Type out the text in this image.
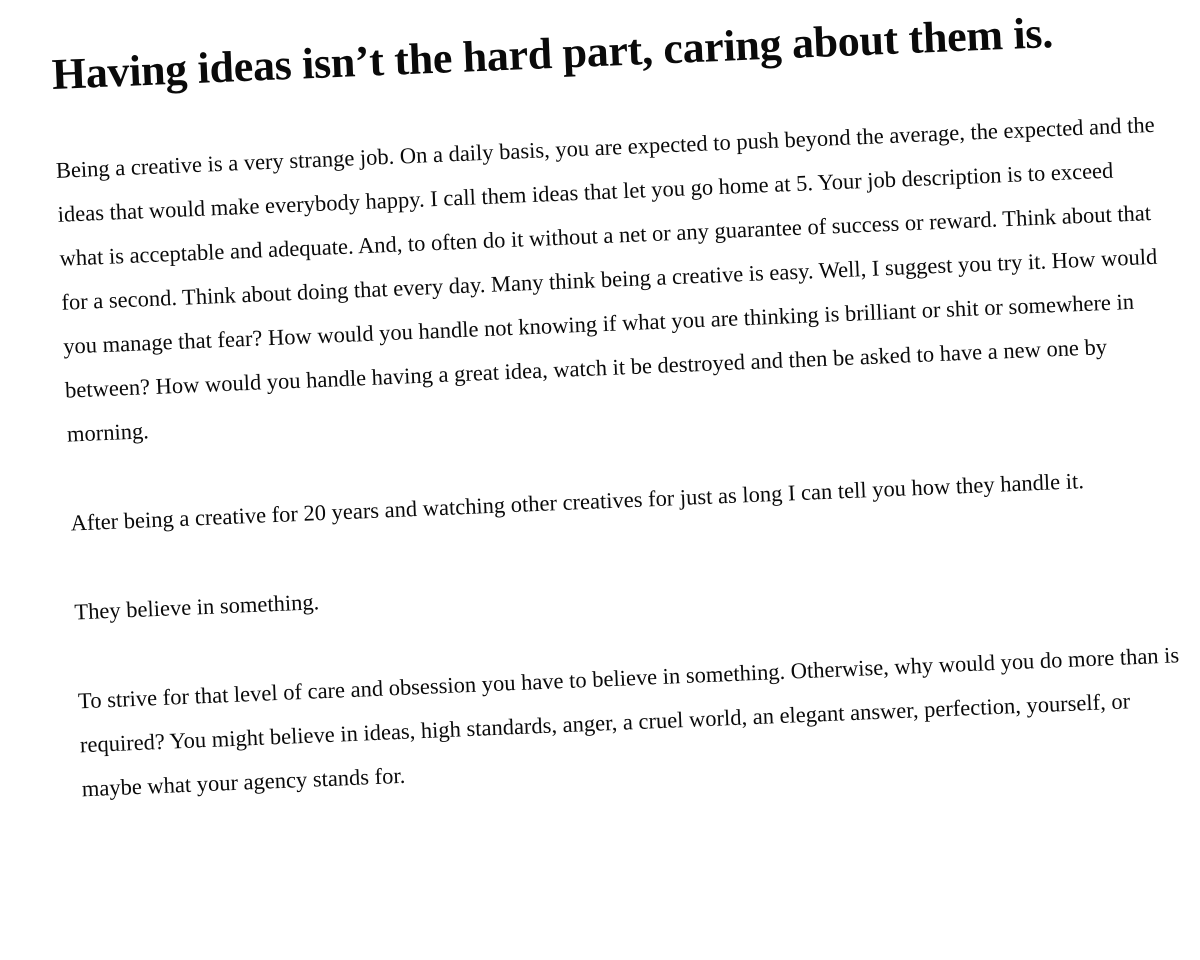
Having ideas isn’t the hard part, caring about them is.

Being a creative is a very strange job. On a daily basis, you are expected to push beyond the average, the expected and the ideas that would make everybody happy. I call them ideas that let you go home at 5. Your job description is to exceed what is acceptable and adequate. And, to often do it without a net or any guarantee of success or reward. Think about that for a second. Think about doing that every day. Many think being a creative is easy. Well, I suggest you try it. How would you manage that fear? How would you handle not knowing if what you are thinking is brilliant or shit or somewhere in between? How would you handle having a great idea, watch it be destroyed and then be asked to have a new one by morning.

After being a creative for 20 years and watching other creatives for just as long I can tell you how they handle it.

They believe in something.

To strive for that level of care and obsession you have to believe in something. Otherwise, why would you do more than is required? You might believe in ideas, high standards, anger, a cruel world, an elegant answer, perfection, yourself, or maybe what your agency stands for.
